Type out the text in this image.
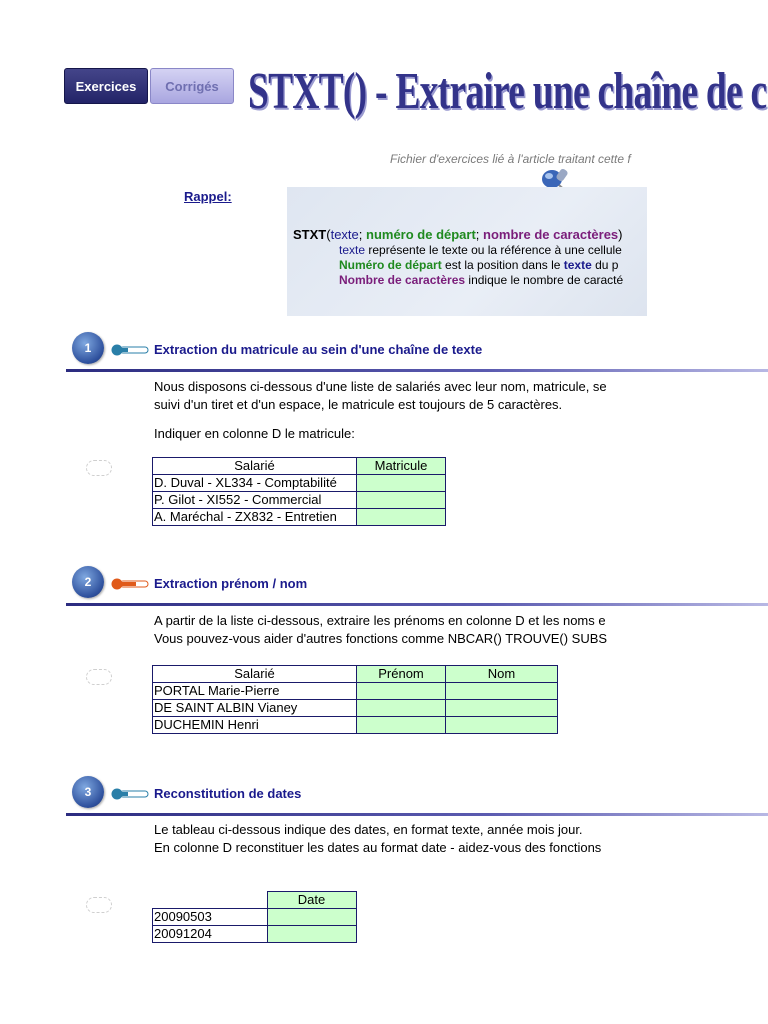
Exercices	Corrigés STXT() - Extraire une chaîne de c
Fichier d'exercices lié à l'article traitant cette f
Rappel:
STXT(texte; numéro de départ; nombre de caractères)
texte représente le texte ou la référence à une cellule
Numéro de départ est la position dans le texte du p
Nombre de caractères indique le nombre de caracté
1	Extraction du matricule au sein d'une chaîne de texte
Nous disposons ci-dessous d'une liste de salariés avec leur nom, matricule, se
suivi d'un tiret et d'un espace, le matricule est toujours de 5 caractères.
Indiquer en colonne D le matricule:
Salarié	Matricule
D. Duval - XL334 - Comptabilité	
P. Gilot - XI552 - Commercial	
A. Maréchal - ZX832 - Entretien	
2	Extraction prénom / nom
A partir de la liste ci-dessous, extraire les prénoms en colonne D et les noms e
Vous pouvez-vous aider d'autres fonctions comme NBCAR() TROUVE() SUBS
Salarié	Prénom	Nom
PORTAL Marie-Pierre		
DE SAINT ALBIN Vianey		
DUCHEMIN Henri		
3	Reconstitution de dates
Le tableau ci-dessous indique des dates, en format texte, année mois jour.
En colonne D reconstituer les dates au format date - aidez-vous des fonctions
	Date
20090503	
20091204	
